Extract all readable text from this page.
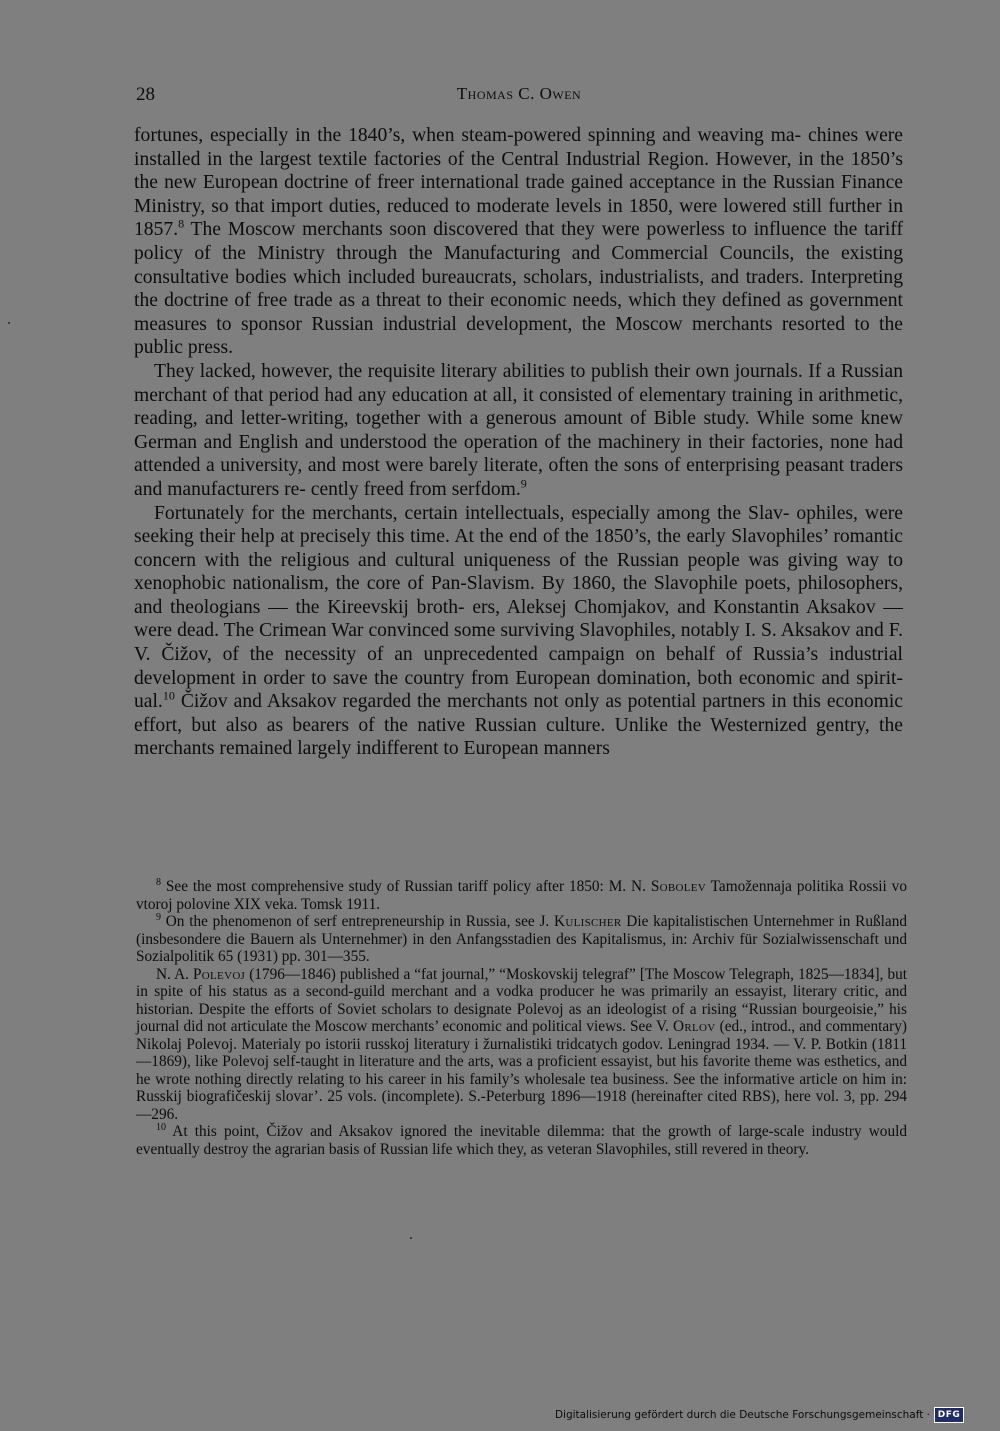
28	Thomas C. Owen

fortunes, especially in the 1840’s, when steam-powered spinning and weaving ma- chines were installed in the largest textile factories of the Central Industrial Region. However, in the 1850’s the new European doctrine of freer international trade gained acceptance in the Russian Finance Ministry, so that import duties, reduced to moderate levels in 1850, were lowered still further in 1857.$^8$ The Moscow merchants soon discovered that they were powerless to influence the tariff policy of the Ministry through the Manufacturing and Commercial Councils, the existing consultative bodies which included bureaucrats, scholars, industrialists, and traders. Interpreting the doctrine of free trade as a threat to their economic needs, which they defined as government measures to sponsor Russian industrial development, the Moscow merchants resorted to the public press.

They lacked, however, the requisite literary abilities to publish their own journals. If a Russian merchant of that period had any education at all, it consisted of elementary training in arithmetic, reading, and letter-writing, together with a generous amount of Bible study. While some knew German and English and understood the operation of the machinery in their factories, none had attended a university, and most were barely literate, often the sons of enterprising peasant traders and manufacturers re- cently freed from serfdom.$^9$

Fortunately for the merchants, certain intellectuals, especially among the Slav- ophiles, were seeking their help at precisely this time. At the end of the 1850’s, the early Slavophiles’ romantic concern with the religious and cultural uniqueness of the Russian people was giving way to xenophobic nationalism, the core of Pan-Slavism. By 1860, the Slavophile poets, philosophers, and theologians — the Kireevskij broth- ers, Aleksej Chomjakov, and Konstantin Aksakov — were dead. The Crimean War convinced some surviving Slavophiles, notably I. S. Aksakov and F. V. Čižov, of the necessity of an unprecedented campaign on behalf of Russia’s industrial development in order to save the country from European domination, both economic and spirit- ual.$^{10}$ Čižov and Aksakov regarded the merchants not only as potential partners in this economic effort, but also as bearers of the native Russian culture. Unlike the Westernized gentry, the merchants remained largely indifferent to European manners

$^8$ See the most comprehensive study of Russian tariff policy after 1850: M. N. Sobolev Tamožennaja politika Rossii vo vtoroj polovine XIX veka. Tomsk 1911.

$^9$ On the phenomenon of serf entrepreneurship in Russia, see J. Kulischer Die kapitalistischen Unternehmer in Rußland (insbesondere die Bauern als Unternehmer) in den Anfangsstadien des Kapitalismus, in: Archiv für Sozialwissenschaft und Sozialpolitik 65 (1931) pp. 301—355.

N. A. Polevoj (1796—1846) published a “fat journal,” “Moskovskij telegraf” [The Moscow Telegraph, 1825—1834], but in spite of his status as a second-guild merchant and a vodka producer he was primarily an essayist, literary critic, and historian. Despite the efforts of Soviet scholars to designate Polevoj as an ideologist of a rising “Russian bourgeoisie,” his journal did not articulate the Moscow merchants’ economic and political views. See V. Orlov (ed., introd., and commentary) Nikolaj Polevoj. Materialy po istorii russkoj literatury i žurnalistiki tridcatych godov. Leningrad 1934. — V. P. Botkin (1811—1869), like Polevoj self-taught in literature and the arts, was a proficient essayist, but his favorite theme was esthetics, and he wrote nothing directly relating to his career in his family’s wholesale tea business. See the informative article on him in: Russkij biografičeskij slovar’. 25 vols. (incomplete). S.-Peterburg 1896—1918 (hereinafter cited RBS), here vol. 3, pp. 294—296.

$^{10}$ At this point, Čižov and Aksakov ignored the inevitable dilemma: that the growth of large-scale industry would eventually destroy the agrarian basis of Russian life which they, as veteran Slavophiles, still revered in theory.

Digitalisierung gefördert durch die Deutsche Forschungsgemeinschaft · DFG
